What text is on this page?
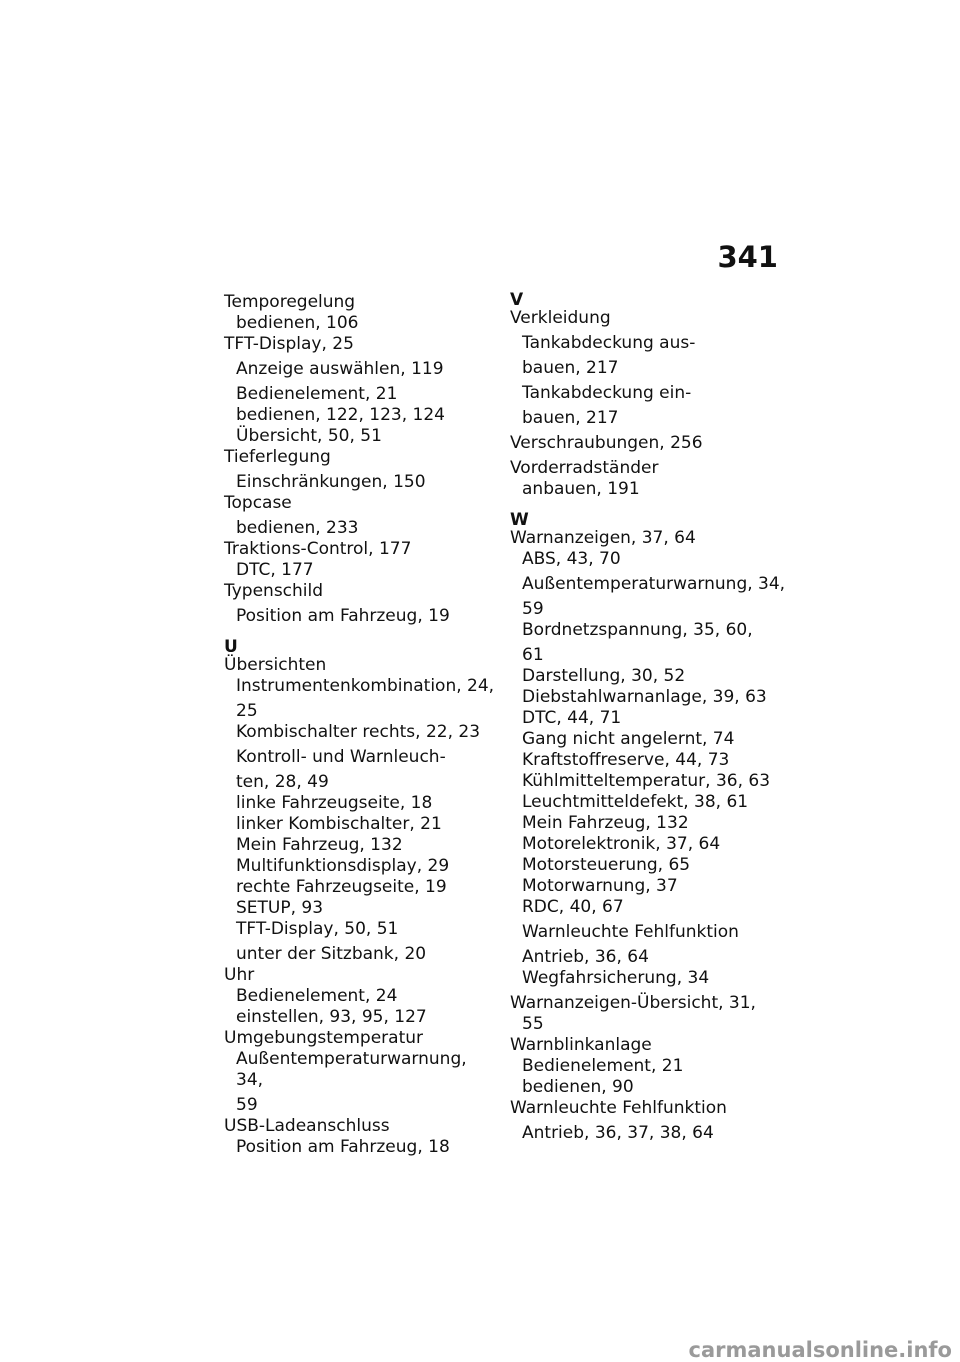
341
Temporegelung
bedienen, 106
TFT-Display, 25
Anzeige auswählen, 119
Bedienelement, 21
bedienen, 122, 123, 124
Übersicht, 50, 51
Tieferlegung
Einschränkungen, 150
Topcase
bedienen, 233
Traktions-Control, 177
DTC, 177
Typenschild
Position am Fahrzeug, 19
U
Übersichten
Instrumentenkombination, 24,
25
Kombischalter rechts, 22, 23
Kontroll- und Warnleuch-
ten, 28, 49
linke Fahrzeugseite, 18
linker Kombischalter, 21
Mein Fahrzeug, 132
Multifunktionsdisplay, 29
rechte Fahrzeugseite, 19
SETUP, 93
TFT-Display, 50, 51
unter der Sitzbank, 20
Uhr
Bedienelement, 24
einstellen, 93, 95, 127
Umgebungstemperatur
Außentemperaturwarnung, 34,
59
USB-Ladeanschluss
Position am Fahrzeug, 18
V
Verkleidung
Tankabdeckung aus-
bauen, 217
Tankabdeckung ein-
bauen, 217
Verschraubungen, 256
Vorderradständer
anbauen, 191
W
Warnanzeigen, 37, 64
ABS, 43, 70
Außentemperaturwarnung, 34,
59
Bordnetzspannung, 35, 60,
61
Darstellung, 30, 52
Diebstahlwarnanlage, 39, 63
DTC, 44, 71
Gang nicht angelernt, 74
Kraftstoffreserve, 44, 73
Kühlmitteltemperatur, 36, 63
Leuchtmitteldefekt, 38, 61
Mein Fahrzeug, 132
Motorelektronik, 37, 64
Motorsteuerung, 65
Motorwarnung, 37
RDC, 40, 67
Warnleuchte Fehlfunktion
Antrieb, 36, 64
Wegfahrsicherung, 34
Warnanzeigen-Übersicht, 31,
55
Warnblinkanlage
Bedienelement, 21
bedienen, 90
Warnleuchte Fehlfunktion
Antrieb, 36, 37, 38, 64
carmanualsonline.info
